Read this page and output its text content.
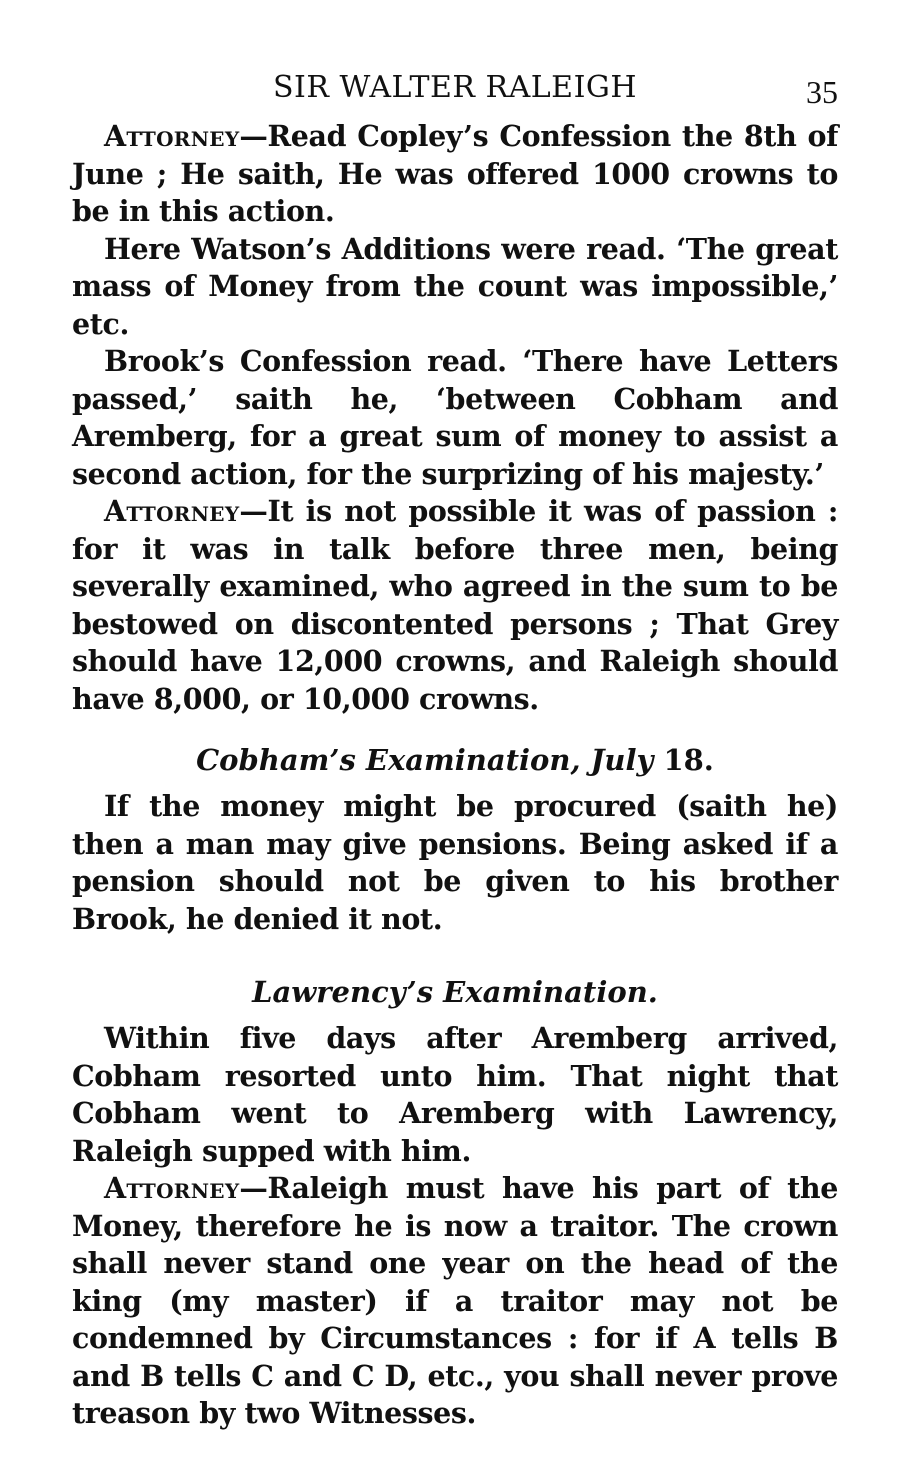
SIR WALTER RALEIGH	35

Attorney—Read Copley’s Confession the 8th of June ; He saith, He was offered 1000 crowns to be in this action.

Here Watson’s Additions were read. ‘The great mass of Money from the count was impossible,’ etc.

Brook’s Confession read. ‘There have Letters passed,’ saith he, ‘between Cobham and Aremberg, for a great sum of money to assist a second action, for the surprizing of his majesty.’

Attorney—It is not possible it was of passion : for it was in talk before three men, being severally examined, who agreed in the sum to be bestowed on discontented persons ; That Grey should have 12,000 crowns, and Raleigh should have 8,000, or 10,000 crowns.

Cobham’s Examination, July 18.

If the money might be procured (saith he) then a man may give pensions. Being asked if a pension should not be given to his brother Brook, he denied it not.

Lawrency’s Examination.

Within five days after Aremberg arrived, Cobham resorted unto him. That night that Cobham went to Aremberg with Lawrency, Raleigh supped with him.

Attorney—Raleigh must have his part of the Money, therefore he is now a traitor. The crown shall never stand one year on the head of the king (my master) if a traitor may not be condemned by Circumstances : for if A tells B and B tells C and C D, etc., you shall never prove treason by two Witnesses.
